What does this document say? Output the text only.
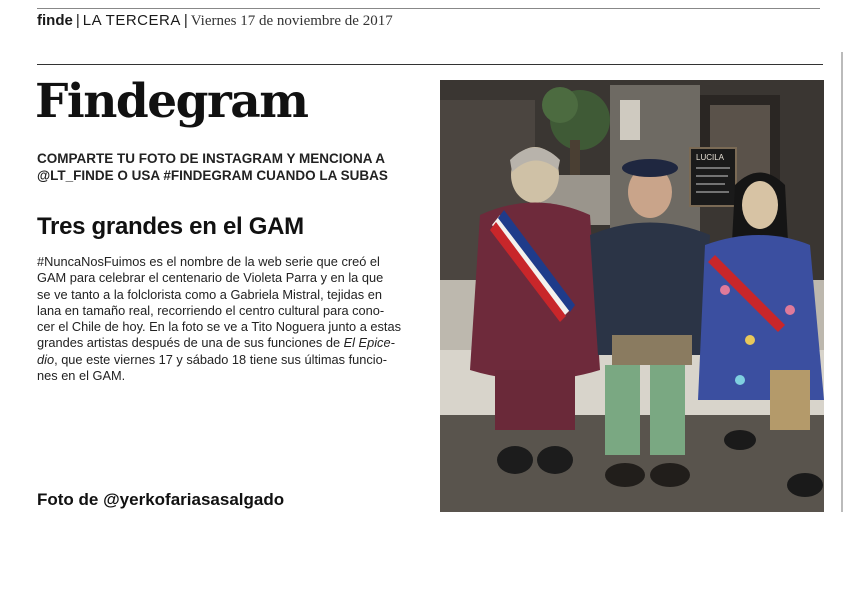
finde | LA TERCERA | Viernes 17 de noviembre de 2017
Findegram
COMPARTE TU FOTO DE INSTAGRAM Y MENCIONA A
@LT_FINDE O USA #FINDEGRAM CUANDO LA SUBAS
Tres grandes en el GAM
#NuncaNosFuimos es el nombre de la web serie que creó el
GAM para celebrar el centenario de Violeta Parra y en la que
se ve tanto a la folclorista como a Gabriela Mistral, tejidas en
lana en tamaño real, recorriendo el centro cultural para cono-
cer el Chile de hoy. En la foto se ve a Tito Noguera junto a estas
grandes artistas después de una de sus funciones de El Epice-
dio, que este viernes 17 y sábado 18 tiene sus últimas funcio-
nes en el GAM.
Foto de @yerkofariasasalgado
LUCILA
